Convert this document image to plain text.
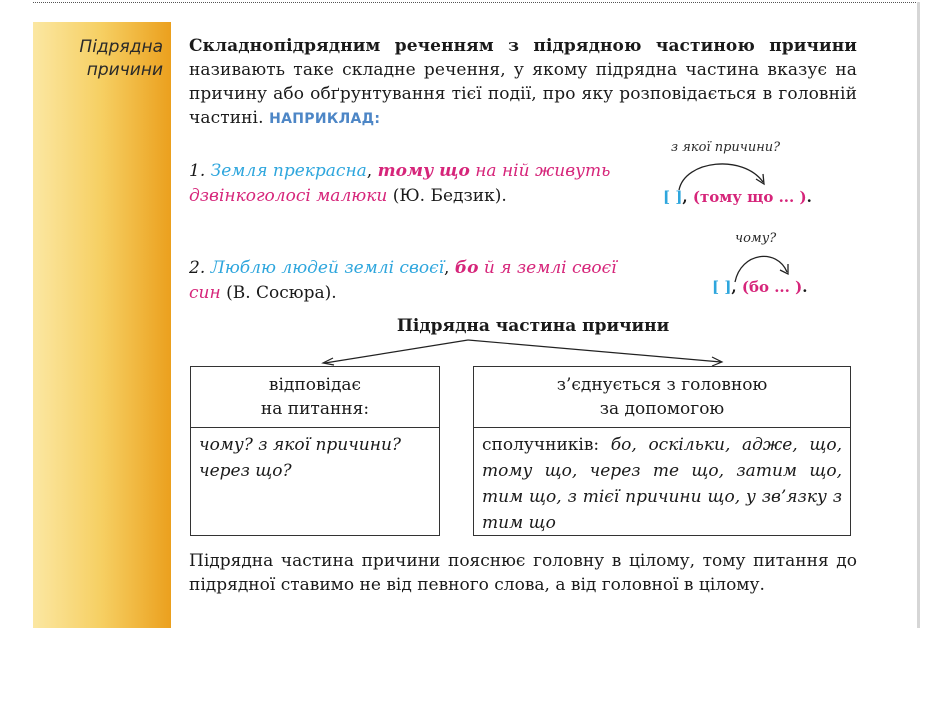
Підрядна
причини
Складнопідрядним реченням з підрядною частиною причини називають таке складне речення, у якому підрядна частина вказує на причину або обґрунтування тієї події, про яку розповідається в головній частині. НАПРИКЛАД:
1. Земля прекрасна, тому що на ній живуть дзвінкоголосі малюки (Ю. Бедзик).
з якої причини?
[ ], (тому що ... ).
2. Люблю людей землі своєї, бо й я землі своєї син (В. Сосюра).
чому?
[ ], (бо ... ).
Підрядна частина причини
відповідає
на питання:
чому? з якої причини? через що?
з’єднується з головною
за допомогою
сполучників: бо, оскільки, адже, що, тому що, через те що, затим що, тим що, з тієї причини що, у зв’язку з тим що
Підрядна частина причини пояснює головну в цілому, тому питання до підрядної ставимо не від певного слова, а від головної в цілому.
